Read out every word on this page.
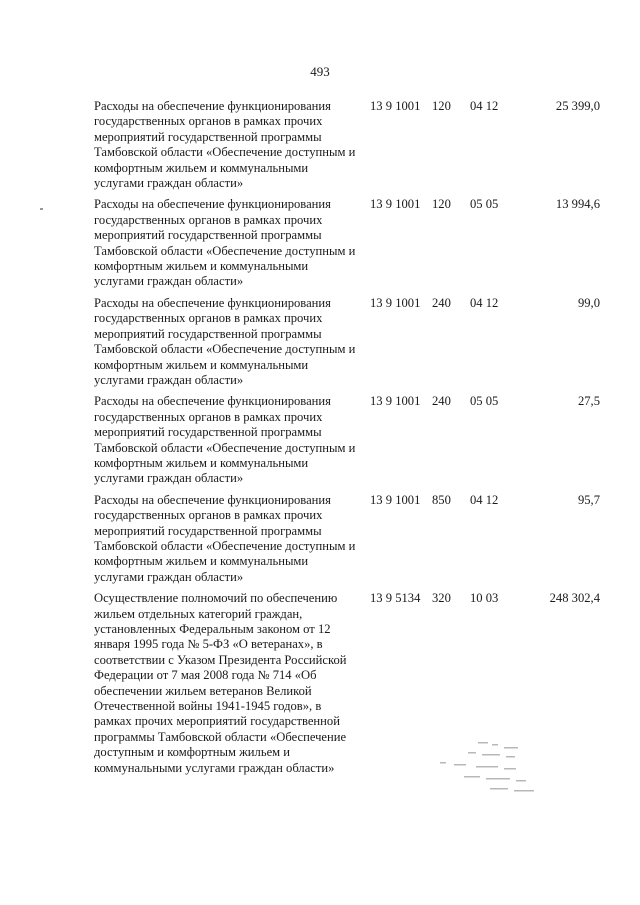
493
Расходы на обеспечение функционирования государственных органов в рамках прочих мероприятий государственной программы Тамбовской области «Обеспечение доступным и комфортным жильем и коммунальными услугами граждан области»
13 9 1001 120 04 12	25 399,0
Расходы на обеспечение функционирования государственных органов в рамках прочих мероприятий государственной программы Тамбовской области «Обеспечение доступным и комфортным жильем и коммунальными услугами граждан области»
13 9 1001 120 05 05	13 994,6
Расходы на обеспечение функционирования государственных органов в рамках прочих мероприятий государственной программы Тамбовской области «Обеспечение доступным и комфортным жильем и коммунальными услугами граждан области»
13 9 1001 240 04 12	99,0
Расходы на обеспечение функционирования государственных органов в рамках прочих мероприятий государственной программы Тамбовской области «Обеспечение доступным и комфортным жильем и коммунальными услугами граждан области»
13 9 1001 240 05 05	27,5
Расходы на обеспечение функционирования государственных органов в рамках прочих мероприятий государственной программы Тамбовской области «Обеспечение доступным и комфортным жильем и коммунальными услугами граждан области»
13 9 1001 850 04 12	95,7
Осуществление полномочий по обеспечению жильем отдельных категорий граждан, установленных Федеральным законом от 12 января 1995 года № 5-ФЗ «О ветеранах», в соответствии с Указом Президента Российской Федерации от 7 мая 2008 года № 714 «Об обеспечении жильем ветеранов Великой Отечественной войны 1941-1945 годов», в рамках прочих мероприятий государственной программы Тамбовской области «Обеспечение доступным и комфортным жильем и коммунальными услугами граждан области»
13 9 5134 320 10 03	248 302,4
